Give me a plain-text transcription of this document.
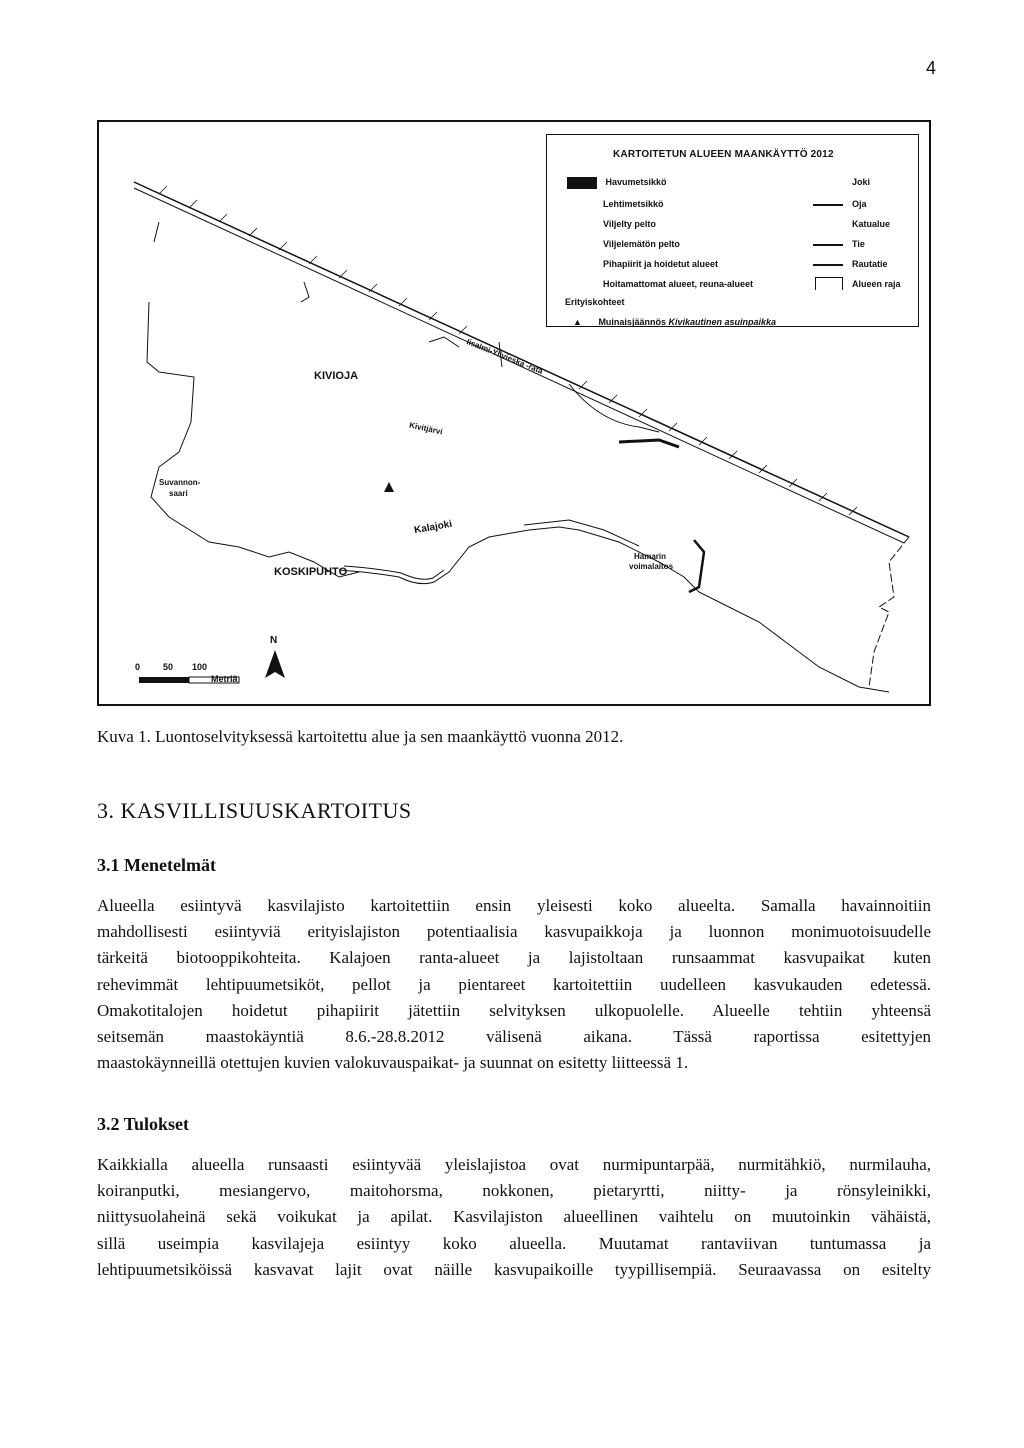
4
KARTOITETUN ALUEEN MAANKÄYTTÖ 2012
Havumetsikkö
Lehtimetsikkö
Viljelty pelto
Viljelemätön pelto
Pihapiirit ja hoidetut alueet
Hoitamattomat alueet, reuna-alueet
Erityiskohteet
▲ Muinaisjäännös Kivikautinen asuinpaikka
Joki
Oja
Katualue
Tie
Rautatie
Alueen raja
KIVIOJA
Kivitjärvi
Suvannon-
saari
Kalajoki
KOSKIPUHTO
Hamarin
voimalaitos
Iisalmi-Ylivieska -rata
0	50 100
Metriä
N
Kuva 1. Luontoselvityksessä kartoitettu alue ja sen maankäyttö vuonna 2012.
3. KASVILLISUUSKARTOITUS
3.1 Menetelmät
Alueella esiintyvä kasvilajisto kartoitettiin ensin yleisesti koko alueelta. Samalla havainnoitiin
mahdollisesti esiintyviä erityislajiston potentiaalisia kasvupaikkoja ja luonnon monimuotoisuudelle
tärkeitä biotooppikohteita. Kalajoen ranta-alueet ja lajistoltaan runsaammat kasvupaikat kuten
rehevimmät lehtipuumetsiköt, pellot ja pientareet kartoitettiin uudelleen kasvukauden edetessä.
Omakotitalojen hoidetut pihapiirit jätettiin selvityksen ulkopuolelle. Alueelle tehtiin yhteensä
seitsemän maastokäyntiä 8.6.-28.8.2012 välisenä aikana. Tässä raportissa esitettyjen
maastokäynneillä otettujen kuvien valokuvauspaikat- ja suunnat on esitetty liitteessä 1.
3.2 Tulokset
Kaikkialla alueella runsaasti esiintyvää yleislajistoa ovat nurmipuntarpää, nurmitähkiö, nurmilauha,
koiranputki, mesiangervo, maitohorsma, nokkonen, pietaryrtti, niitty- ja rönsyleinikki,
niittysuolaheinä sekä voikukat ja apilat. Kasvilajiston alueellinen vaihtelu on muutoinkin vähäistä,
sillä useimpia kasvilajeja esiintyy koko alueella. Muutamat rantaviivan tuntumassa ja
lehtipuumetsiköissä kasvavat lajit ovat näille kasvupaikoille tyypillisempiä. Seuraavassa on esitelty
